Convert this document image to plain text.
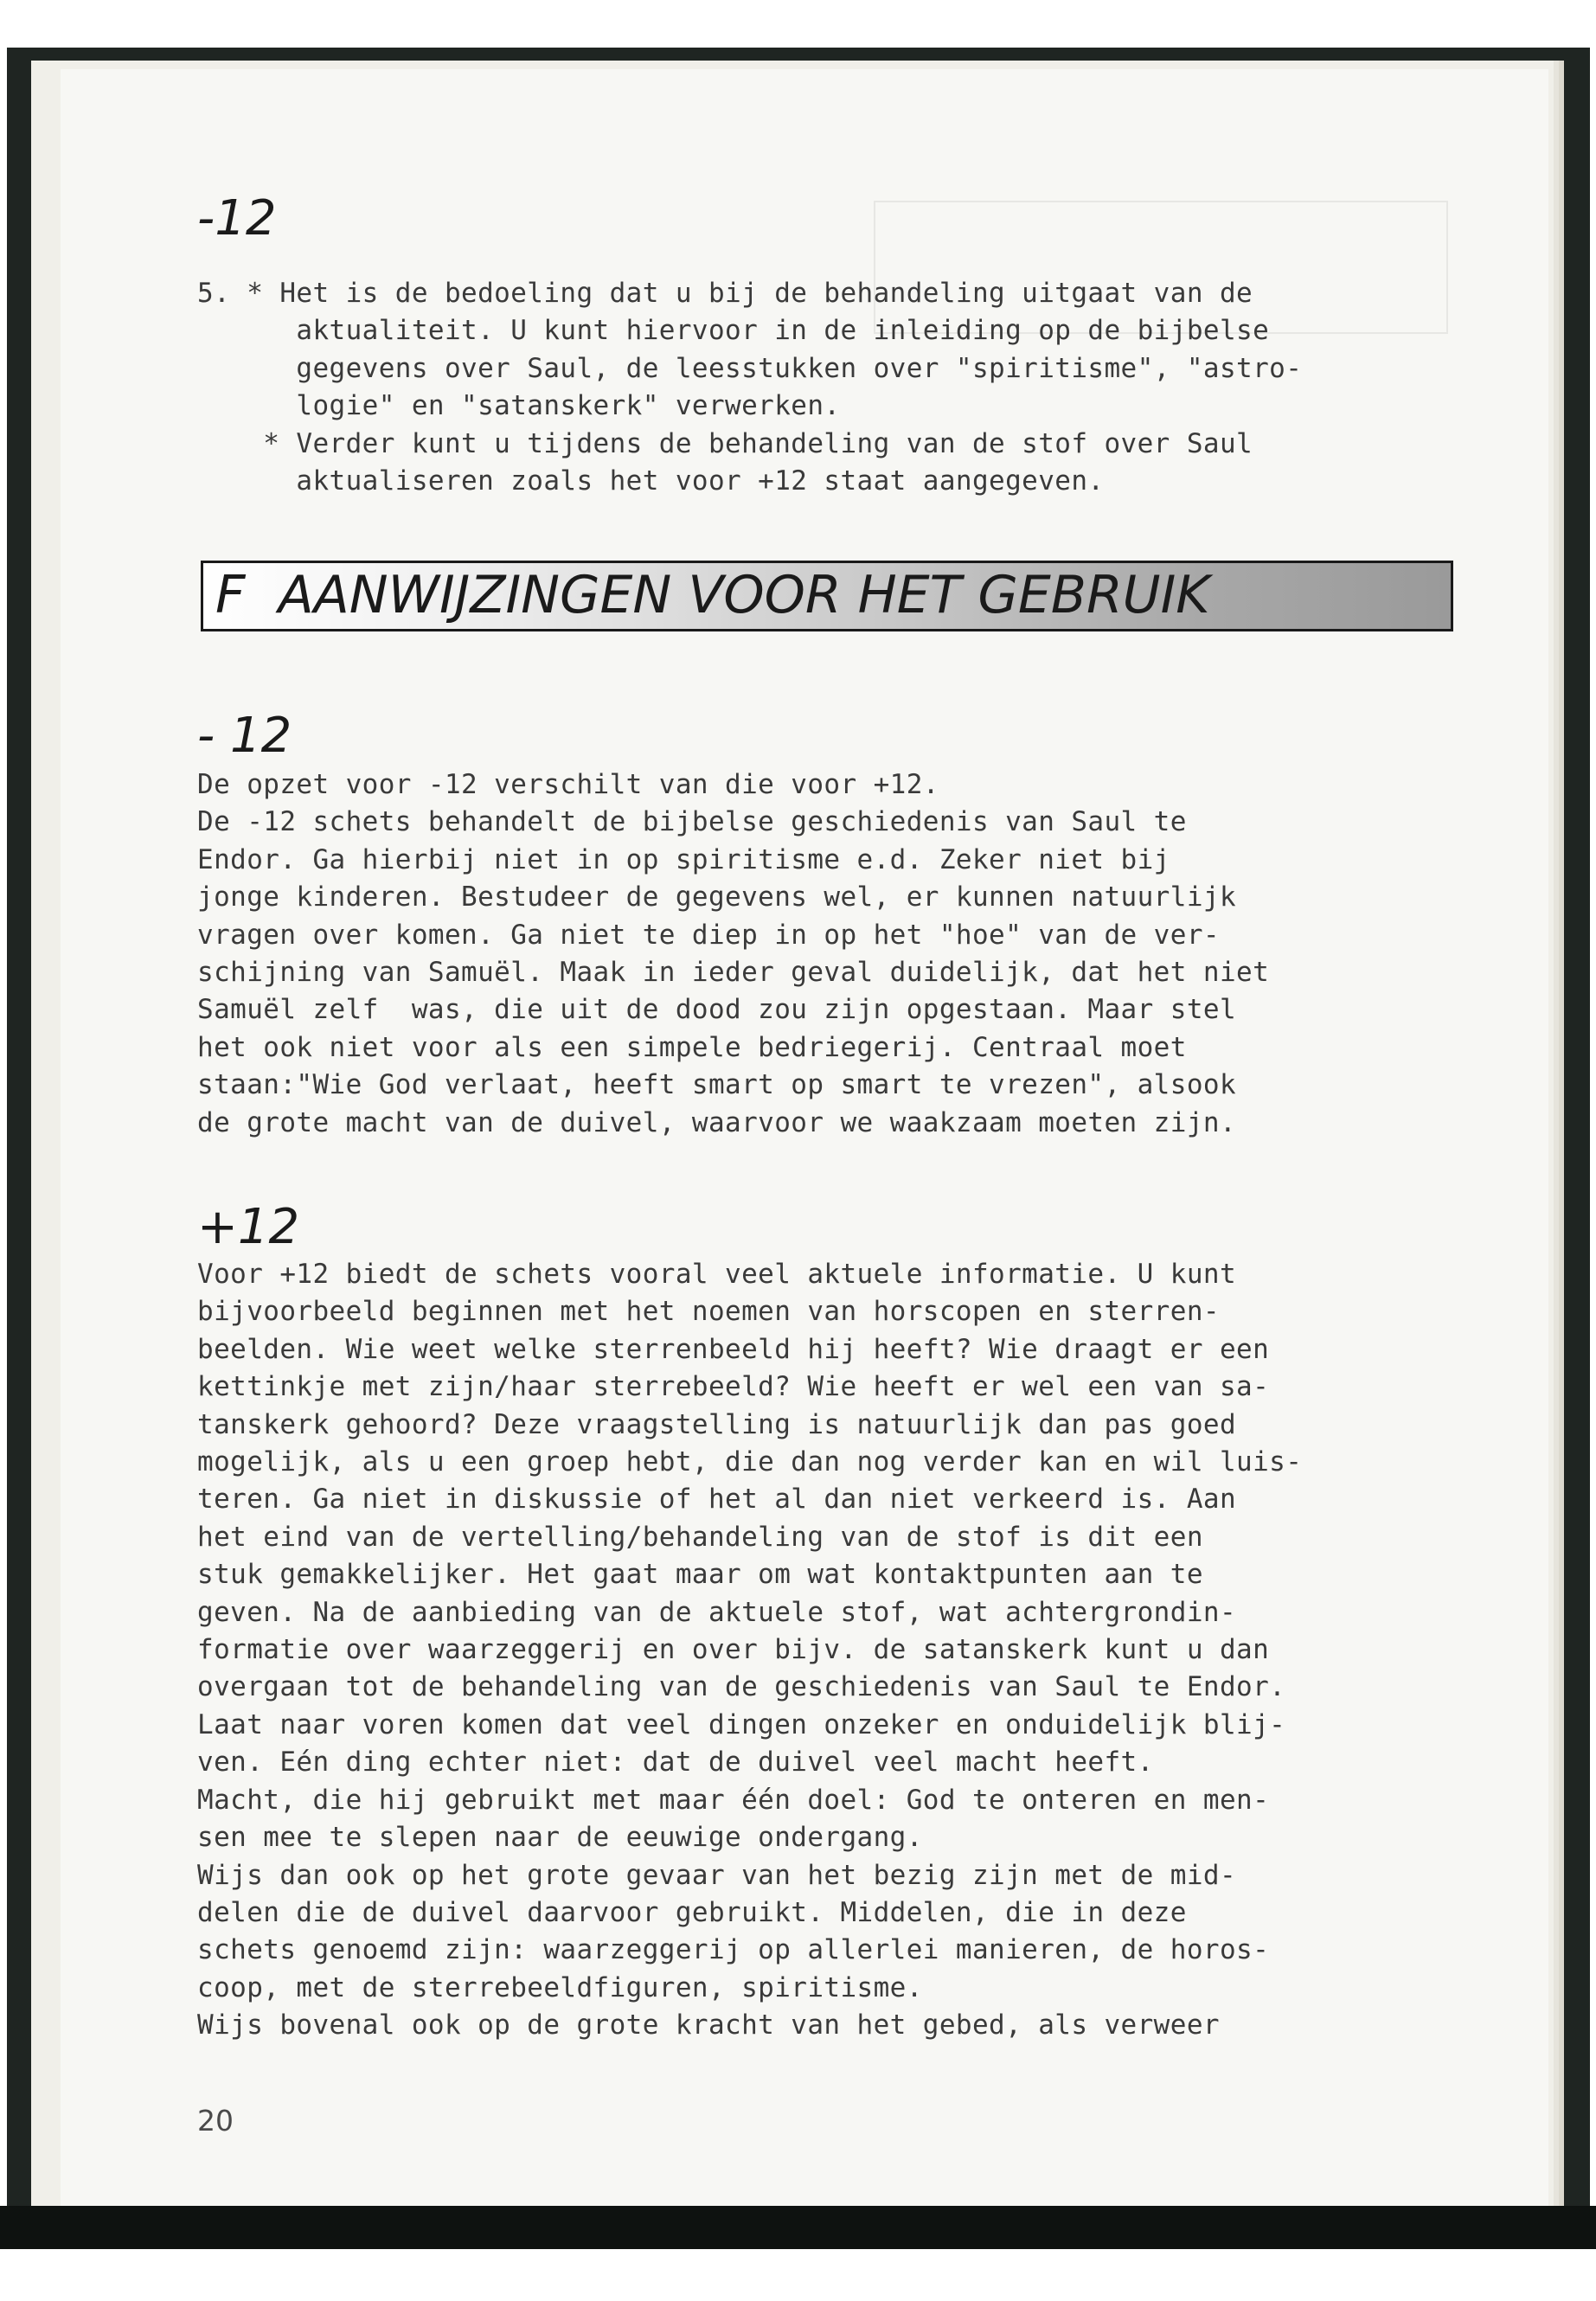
-12
5. * Het is de bedoeling dat u bij de behandeling uitgaat van de
aktualiteit. U kunt hiervoor in de inleiding op de bijbelse
gegevens over Saul, de leesstukken over "spiritisme", "astro-
logie" en "satanskerk" verwerken.
* Verder kunt u tijdens de behandeling van de stof over Saul
aktualiseren zoals het voor +12 staat aangegeven.
F  AANWIJZINGEN VOOR HET GEBRUIK
- 12
De opzet voor -12 verschilt van die voor +12.
De -12 schets behandelt de bijbelse geschiedenis van Saul te
Endor. Ga hierbij niet in op spiritisme e.d. Zeker niet bij
jonge kinderen. Bestudeer de gegevens wel, er kunnen natuurlijk
vragen over komen. Ga niet te diep in op het "hoe" van de ver-
schijning van Samuël. Maak in ieder geval duidelijk, dat het niet
Samuël zelf  was, die uit de dood zou zijn opgestaan. Maar stel
het ook niet voor als een simpele bedriegerij. Centraal moet
staan:"Wie God verlaat, heeft smart op smart te vrezen", alsook
de grote macht van de duivel, waarvoor we waakzaam moeten zijn.
+12
Voor +12 biedt de schets vooral veel aktuele informatie. U kunt
bijvoorbeeld beginnen met het noemen van horscopen en sterren-
beelden. Wie weet welke sterrenbeeld hij heeft? Wie draagt er een
kettinkje met zijn/haar sterrebeeld? Wie heeft er wel een van sa-
tanskerk gehoord? Deze vraagstelling is natuurlijk dan pas goed
mogelijk, als u een groep hebt, die dan nog verder kan en wil luis-
teren. Ga niet in diskussie of het al dan niet verkeerd is. Aan
het eind van de vertelling/behandeling van de stof is dit een
stuk gemakkelijker. Het gaat maar om wat kontaktpunten aan te
geven. Na de aanbieding van de aktuele stof, wat achtergrondin-
formatie over waarzeggerij en over bijv. de satanskerk kunt u dan
overgaan tot de behandeling van de geschiedenis van Saul te Endor.
Laat naar voren komen dat veel dingen onzeker en onduidelijk blij-
ven. Eén ding echter niet: dat de duivel veel macht heeft.
Macht, die hij gebruikt met maar één doel: God te onteren en men-
sen mee te slepen naar de eeuwige ondergang.
Wijs dan ook op het grote gevaar van het bezig zijn met de mid-
delen die de duivel daarvoor gebruikt. Middelen, die in deze
schets genoemd zijn: waarzeggerij op allerlei manieren, de horos-
coop, met de sterrebeeldfiguren, spiritisme.
Wijs bovenal ook op de grote kracht van het gebed, als verweer
20
